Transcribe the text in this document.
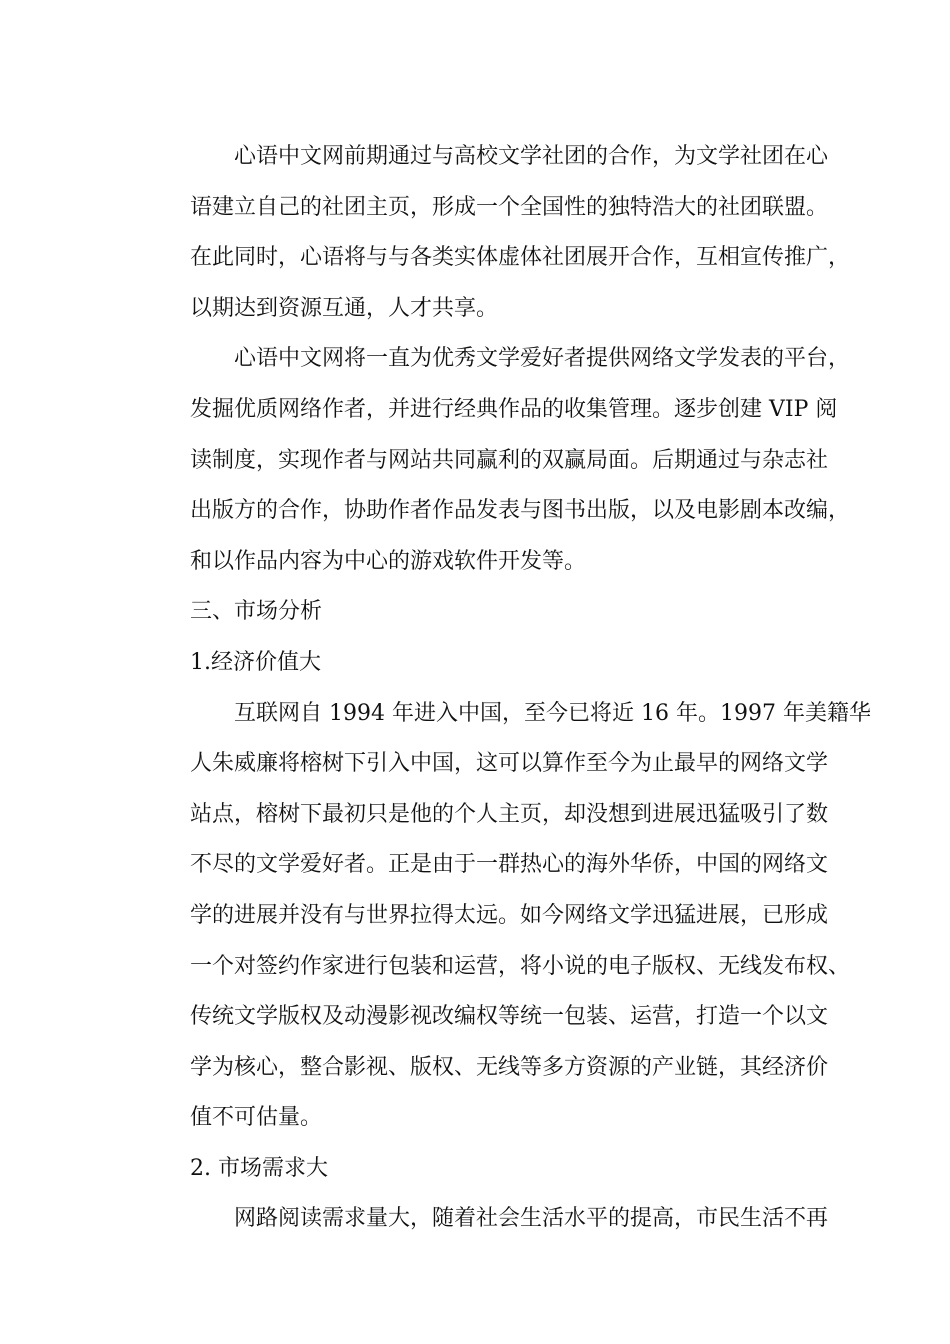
心语中文网前期通过与高校文学社团的合作，为文学社团在心
语建立自己的社团主页，形成一个全国性的独特浩大的社团联盟。
在此同时，心语将与与各类实体虚体社团展开合作，互相宣传推广，
以期达到资源互通，人才共享。
心语中文网将一直为优秀文学爱好者提供网络文学发表的平台，
发掘优质网络作者，并进行经典作品的收集管理。逐步创建 VIP 阅
读制度，实现作者与网站共同赢利的双赢局面。后期通过与杂志社
出版方的合作，协助作者作品发表与图书出版，以及电影剧本改编，
和以作品内容为中心的游戏软件开发等。
三、市场分析
1.经济价值大
互联网自 1994 年进入中国，至今已将近 16 年。1997 年美籍华
人朱威廉将榕树下引入中国，这可以算作至今为止最早的网络文学
站点，榕树下最初只是他的个人主页，却没想到进展迅猛吸引了数
不尽的文学爱好者。正是由于一群热心的海外华侨，中国的网络文
学的进展并没有与世界拉得太远。如今网络文学迅猛进展，已形成
一个对签约作家进行包装和运营，将小说的电子版权、无线发布权、
传统文学版权及动漫影视改编权等统一包装、运营，打造一个以文
学为核心，整合影视、版权、无线等多方资源的产业链，其经济价
值不可估量。
2. 市场需求大
网路阅读需求量大，随着社会生活水平的提高，市民生活不再
